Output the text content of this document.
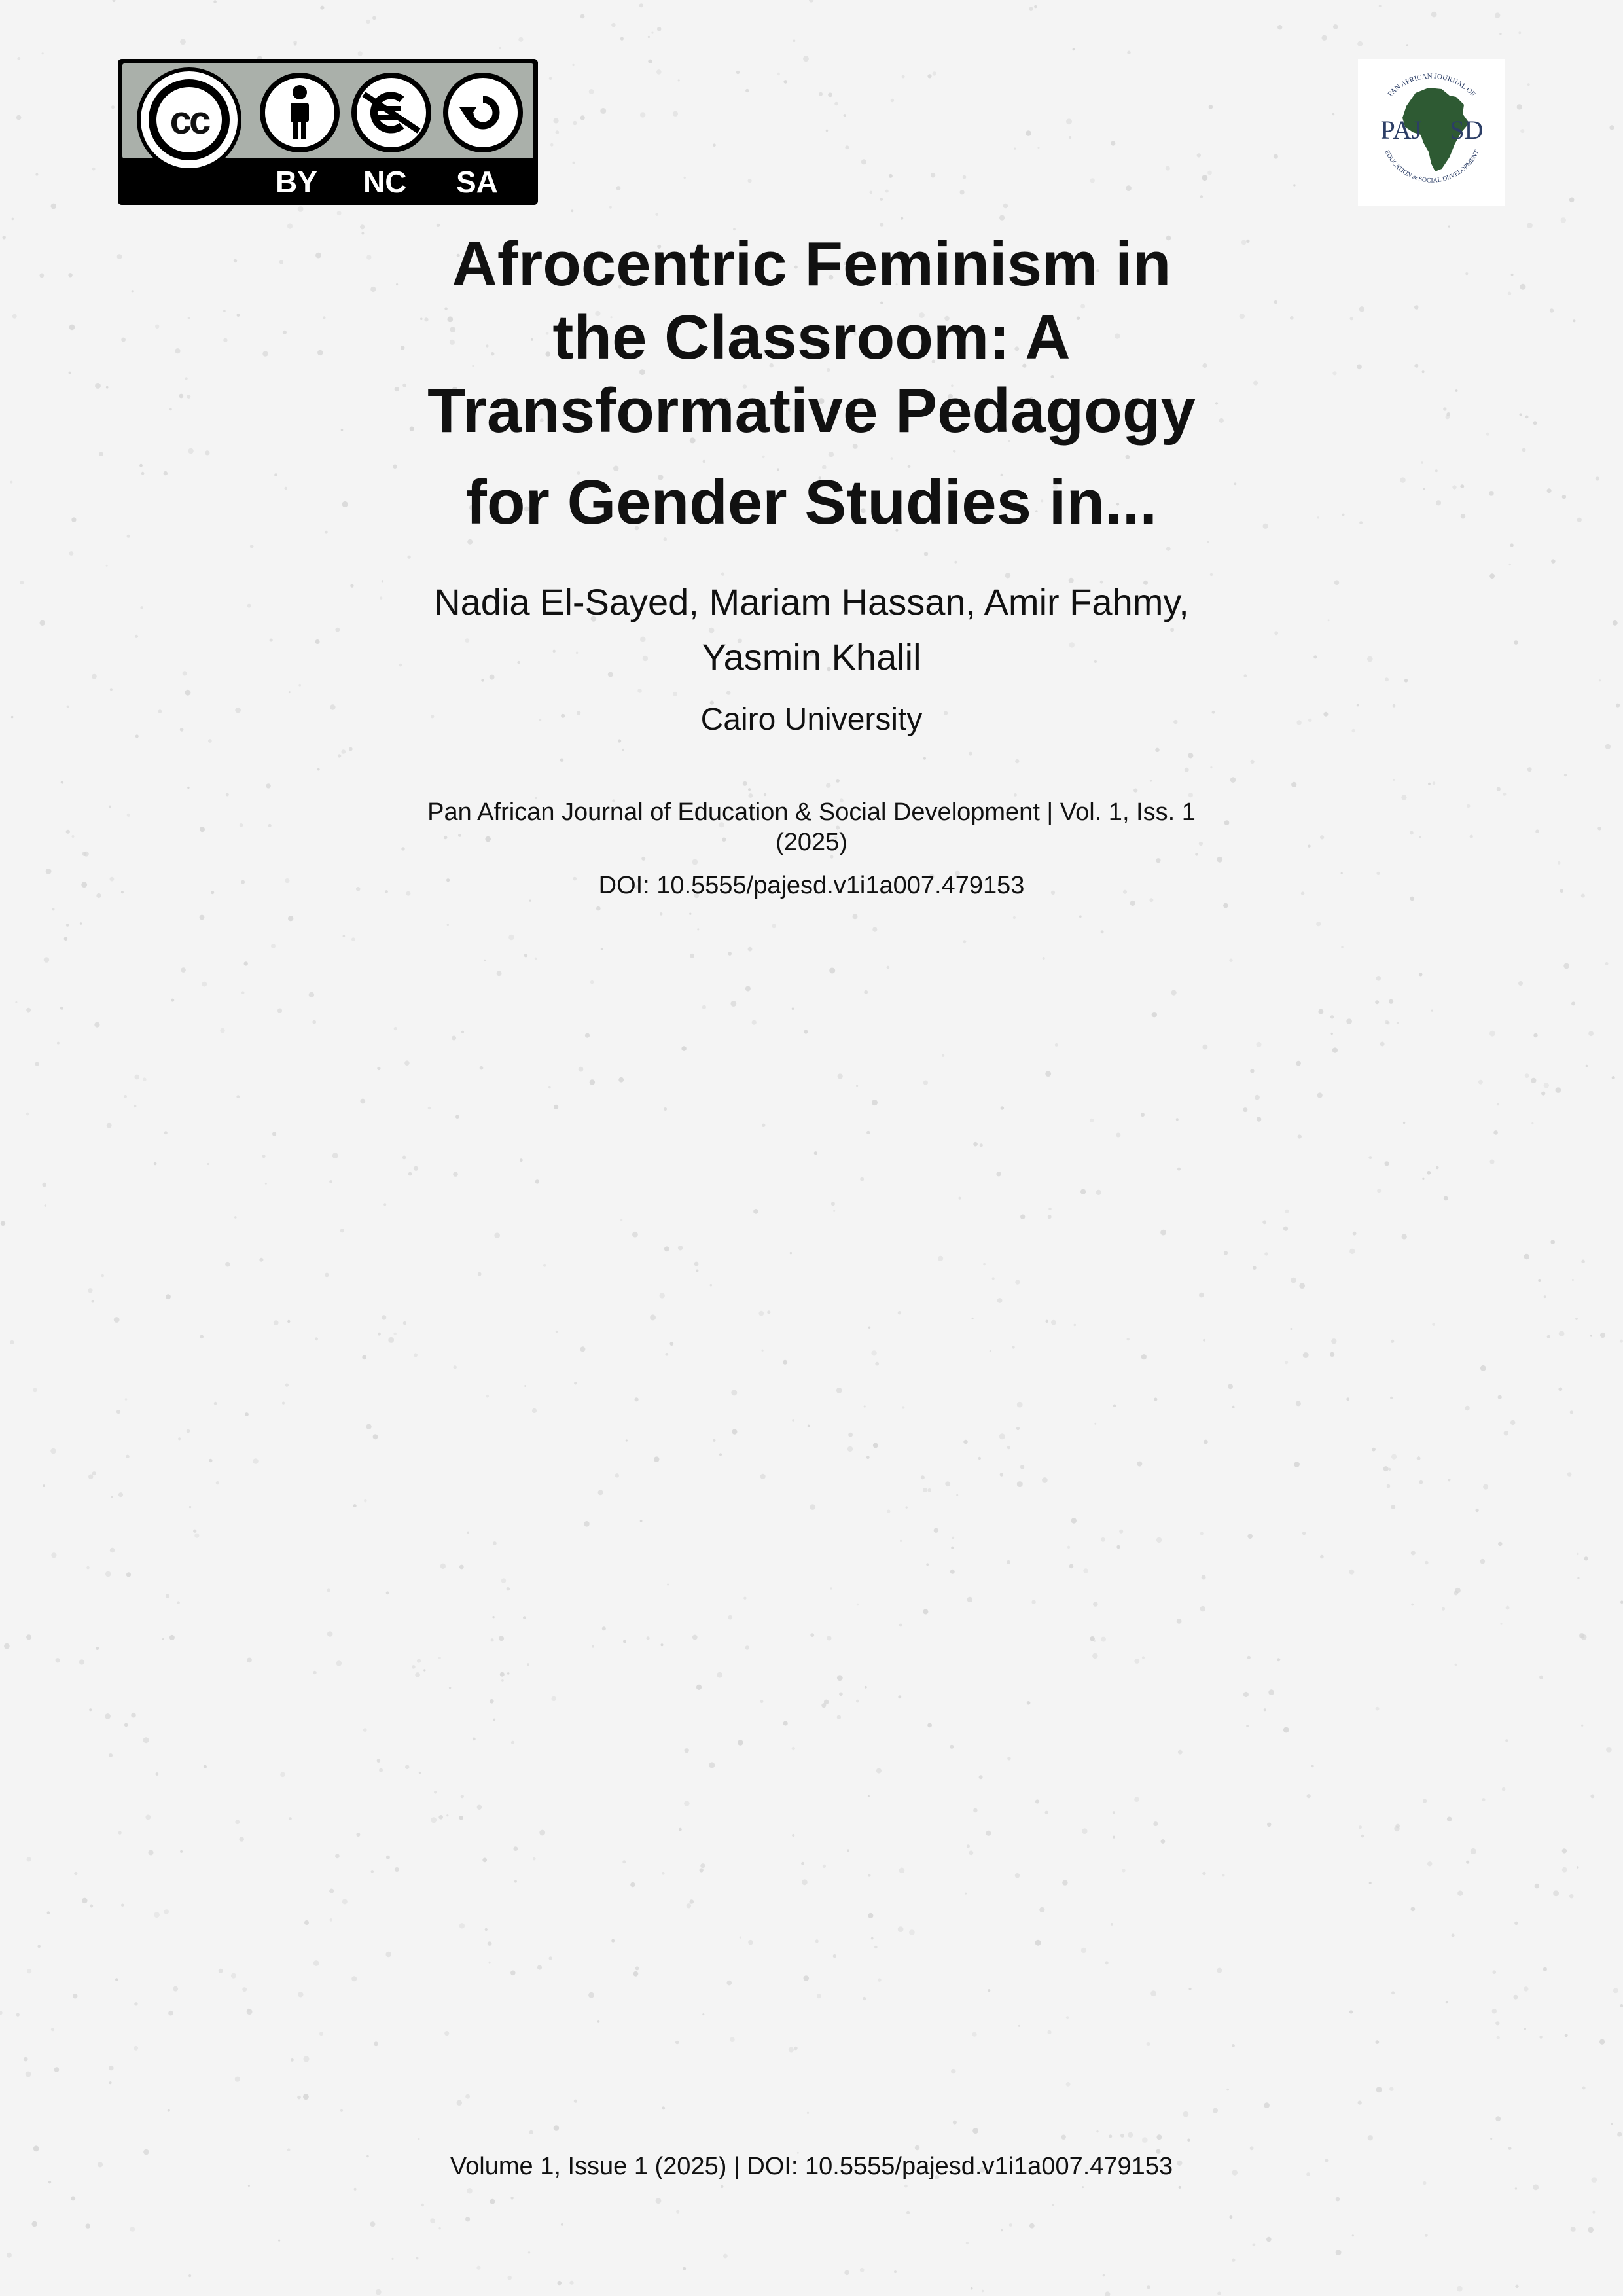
cc
BY NC SA
PAN AFRICAN JOURNAL OF
EDUCATION & SOCIAL DEVELOPMENT
PAJ SD
Afrocentric Feminism in
the Classroom: A
Transformative Pedagogy
for Gender Studies in...
Nadia El-Sayed, Mariam Hassan, Amir Fahmy,
Yasmin Khalil
Cairo University
Pan African Journal of Education & Social Development | Vol. 1, Iss. 1
(2025)
DOI: 10.5555/pajesd.v1i1a007.479153
Volume 1, Issue 1 (2025) | DOI: 10.5555/pajesd.v1i1a007.479153
